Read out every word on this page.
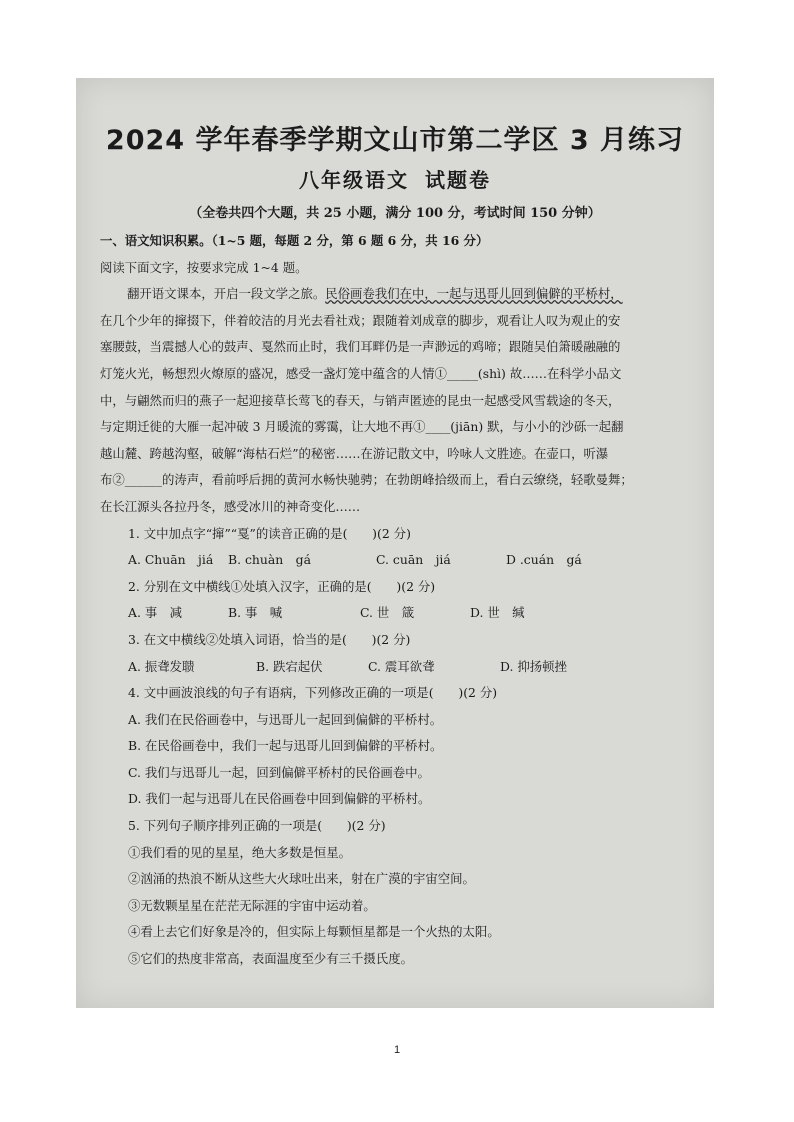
2024 学年春季学期文山市第二学区 3 月练习
八年级语文 试题卷
（全卷共四个大题，共 25 小题，满分 100 分，考试时间 150 分钟）
一、语文知识积累。（1~5 题，每题 2 分，第 6 题 6 分，共 16 分）
阅读下面文字，按要求完成 1~4 题。
翻开语文课本，开启一段文学之旅。民俗画卷我们在中，一起与迅哥儿回到偏僻的平桥村，
在几个少年的撺掇下，伴着皎洁的月光去看社戏；跟随着刘成章的脚步，观看让人叹为观止的安
塞腰鼓，当震撼人心的鼓声、戛然而止时，我们耳畔仍是一声渺远的鸡啼；跟随吴伯箫暖融融的
灯笼火光，畅想烈火燎原的盛况，感受一盏灯笼中蕴含的人情①_____(shì) 故……在科学小品文
中，与翩然而归的燕子一起迎接草长莺飞的春天，与销声匿迹的昆虫一起感受风雪载途的冬天，
与定期迁徙的大雁一起冲破 3 月暖流的雾霭，让大地不再①____(jiān) 默，与小小的沙砾一起翻
越山麓、跨越沟壑，破解“海枯石烂”的秘密……在游记散文中，吟咏人文胜迹。在壶口，听瀑
布②______的涛声，看前呼后拥的黄河水畅快驰骋；在勃朗峰拾级而上，看白云缭绕，轻歌曼舞；
在长江源头各拉丹冬，感受冰川的神奇变化……
1. 文中加点字“撺”“戛”的读音正确的是(　　)(2 分)
A. Chuān　jiá	B. chuàn　gá	C. cuān　jiá	D .cuán　gá
2. 分别在文中横线①处填入汉字，正确的是(　　)(2 分)
A. 事　减	B. 事　喊	C. 世　箴	D. 世　缄
3. 在文中横线②处填入词语，恰当的是(　　)(2 分)
A. 振聋发聩	B. 跌宕起伏	C. 震耳欲聋	D. 抑扬顿挫
4. 文中画波浪线的句子有语病，下列修改正确的一项是(　　)(2 分)
A. 我们在民俗画卷中，与迅哥儿一起回到偏僻的平桥村。
B. 在民俗画卷中，我们一起与迅哥儿回到偏僻的平桥村。
C. 我们与迅哥儿一起，回到偏僻平桥村的民俗画卷中。
D. 我们一起与迅哥儿在民俗画卷中回到偏僻的平桥村。
5. 下列句子顺序排列正确的一项是(　　)(2 分)
①我们看的见的星星，绝大多数是恒星。
②汹涌的热浪不断从这些大火球吐出来，射在广漠的宇宙空间。
③无数颗星星在茫茫无际涯的宇宙中运动着。
④看上去它们好象是冷的，但实际上每颗恒星都是一个火热的太阳。
⑤它们的热度非常高，表面温度至少有三千摄氏度。
1
